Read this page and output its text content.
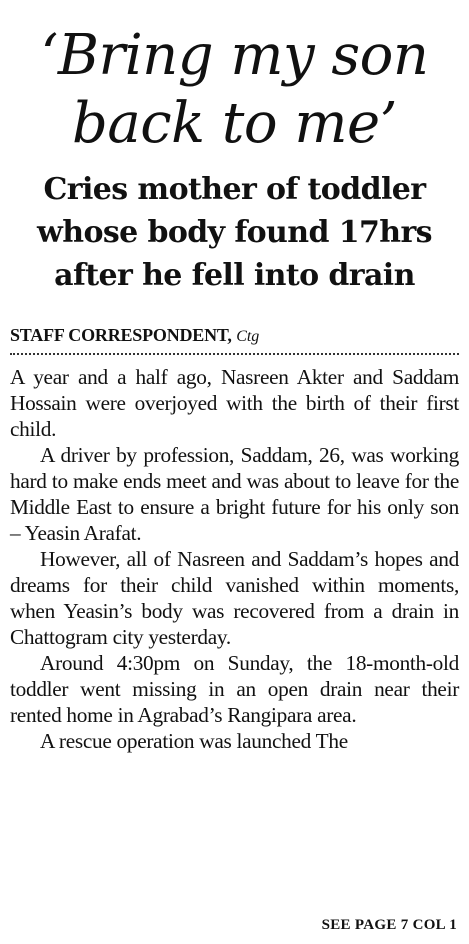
‘Bring my son
back to me’
Cries mother of toddler
whose body found 17hrs
after he fell into drain
STAFF CORRESPONDENT, Ctg

A year and a half ago, Nasreen Akter and Saddam Hossain were overjoyed with the birth of their first child.

A driver by profession, Saddam, 26, was working hard to make ends meet and was about to leave for the Middle East to ensure a bright future for his only son – Yeasin Arafat.

However, all of Nasreen and Saddam’s hopes and dreams for their child vanished within moments, when Yeasin’s body was recovered from a drain in Chattogram city yesterday.

Around 4:30pm on Sunday, the 18-month-old toddler went missing in an open drain near their rented home in Agrabad’s Rangipara area.

A rescue operation was launched The

SEE PAGE 7 COL 1
